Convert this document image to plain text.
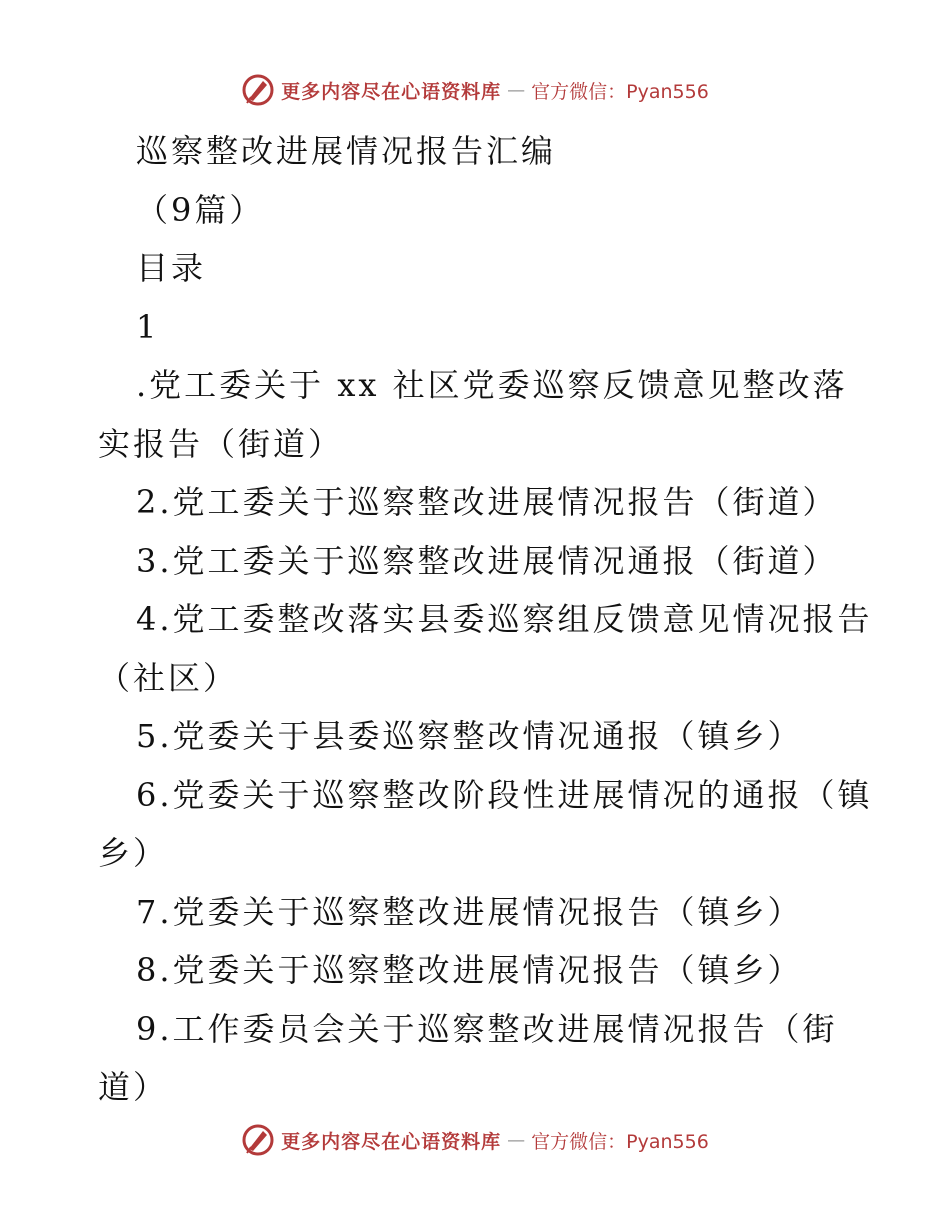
更多内容尽在心语资料库 — 官方微信：Pyan556
巡察整改进展情况报告汇编
（9篇）
目录
1
.党工委关于 xx 社区党委巡察反馈意见整改落
实报告（街道）
2.党工委关于巡察整改进展情况报告（街道）
3.党工委关于巡察整改进展情况通报（街道）
4.党工委整改落实县委巡察组反馈意见情况报告
（社区）
5.党委关于县委巡察整改情况通报（镇乡）
6.党委关于巡察整改阶段性进展情况的通报（镇
乡）
7.党委关于巡察整改进展情况报告（镇乡）
8.党委关于巡察整改进展情况报告（镇乡）
9.工作委员会关于巡察整改进展情况报告（街
道）
更多内容尽在心语资料库 — 官方微信：Pyan556
